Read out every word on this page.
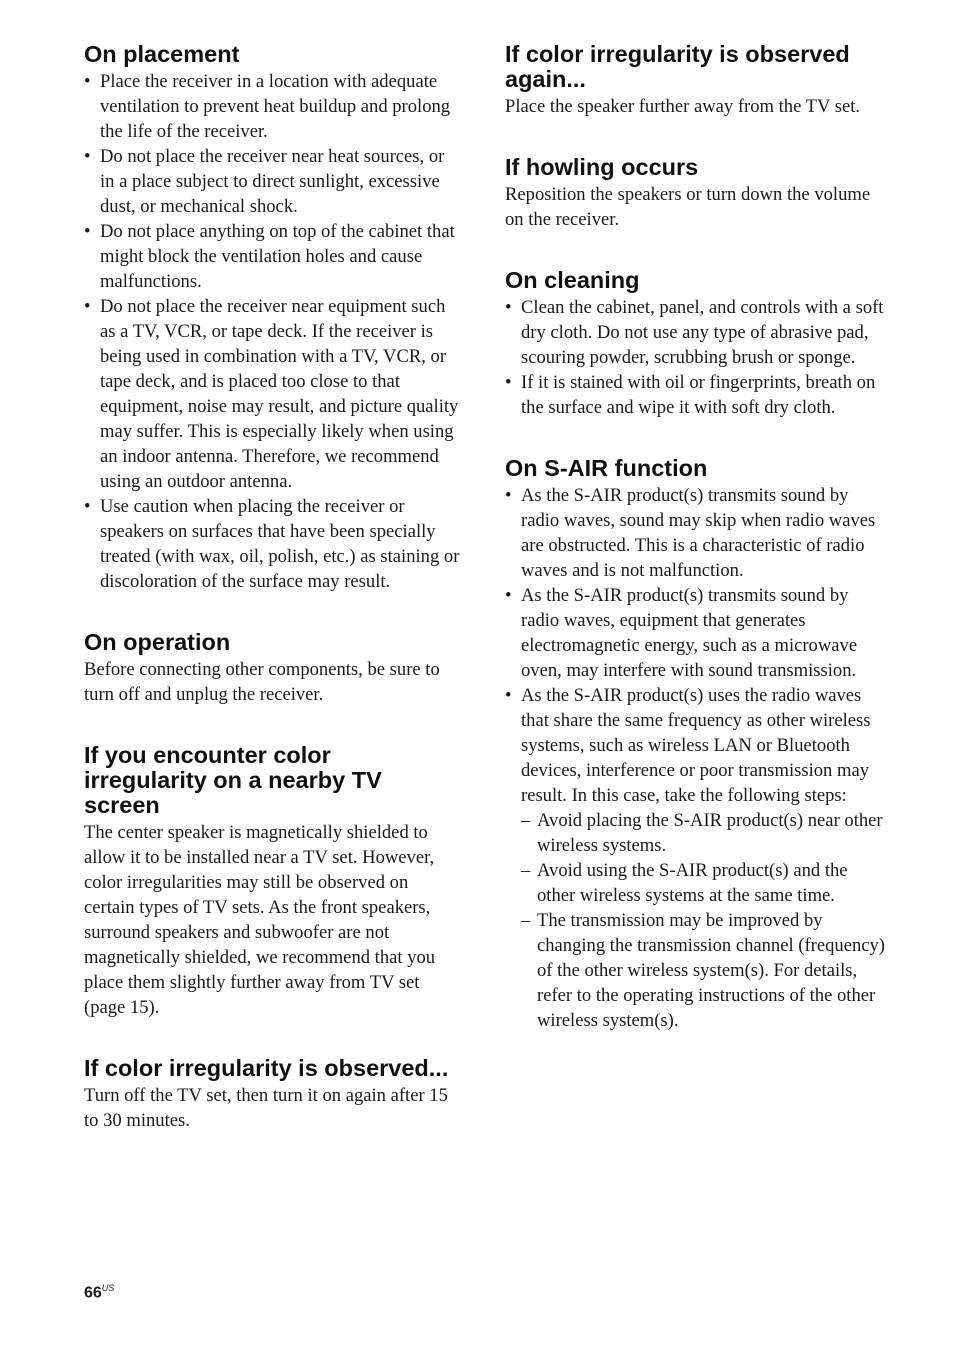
On placement
• Place the receiver in a location with adequate ventilation to prevent heat buildup and prolong the life of the receiver.
• Do not place the receiver near heat sources, or in a place subject to direct sunlight, excessive dust, or mechanical shock.
• Do not place anything on top of the cabinet that might block the ventilation holes and cause malfunctions.
• Do not place the receiver near equipment such as a TV, VCR, or tape deck. If the receiver is being used in combination with a TV, VCR, or tape deck, and is placed too close to that equipment, noise may result, and picture quality may suffer. This is especially likely when using an indoor antenna. Therefore, we recommend using an outdoor antenna.
• Use caution when placing the receiver or speakers on surfaces that have been specially treated (with wax, oil, polish, etc.) as staining or discoloration of the surface may result.
On operation

Before connecting other components, be sure to turn off and unplug the receiver.

If you encounter color irregularity on a nearby TV screen

The center speaker is magnetically shielded to allow it to be installed near a TV set. However, color irregularities may still be observed on certain types of TV sets. As the front speakers, surround speakers and subwoofer are not magnetically shielded, we recommend that you place them slightly further away from TV set (page 15).

If color irregularity is observed...

Turn off the TV set, then turn it on again after 15 to 30 minutes.

If color irregularity is observed again...

Place the speaker further away from the TV set.

If howling occurs

Reposition the speakers or turn down the volume on the receiver.

On cleaning
• Clean the cabinet, panel, and controls with a soft dry cloth. Do not use any type of abrasive pad, scouring powder, scrubbing brush or sponge.
• If it is stained with oil or fingerprints, breath on the surface and wipe it with soft dry cloth.
On S-AIR function
• As the S-AIR product(s) transmits sound by radio waves, sound may skip when radio waves are obstructed. This is a characteristic of radio waves and is not malfunction.
• As the S-AIR product(s) transmits sound by radio waves, equipment that generates electromagnetic energy, such as a microwave oven, may interfere with sound transmission.
• As the S-AIR product(s) uses the radio waves that share the same frequency as other wireless systems, such as wireless LAN or Bluetooth devices, interference or poor transmission may result. In this case, take the following steps:
– Avoid placing the S-AIR product(s) near other wireless systems.
– Avoid using the S-AIR product(s) and the other wireless systems at the same time.
– The transmission may be improved by changing the transmission channel (frequency) of the other wireless system(s). For details, refer to the operating instructions of the other wireless system(s).
$66^{US}$
